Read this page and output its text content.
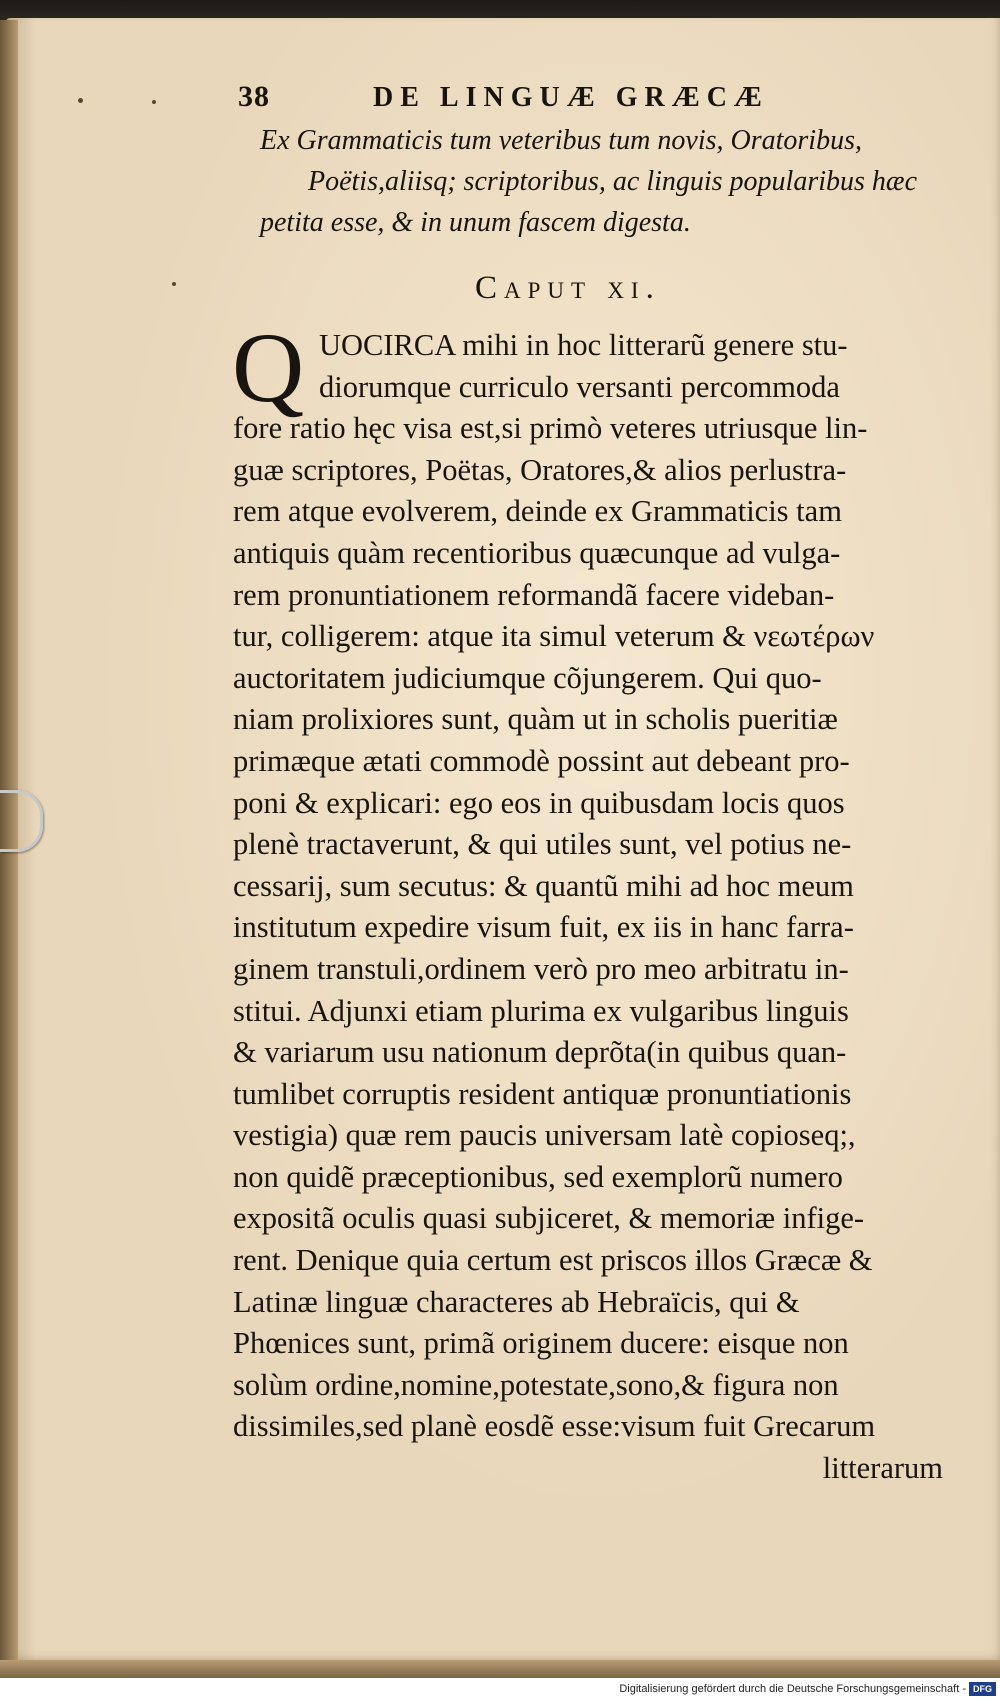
38	DE LINGUÆ GRÆCÆ
Ex Grammaticis tum veteribus tum novis, Oratoribus,
Poëtis,aliisq; scriptoribus, ac linguis popularibus hæc
petita esse, & in unum fascem digesta.
Caput xi.
Q UOCIRCA mihi in hoc litterarũ genere stu-
diorumque curriculo versanti percommoda
fore ratio hęc visa est,si primò veteres utriusque lin-
guæ scriptores, Poëtas, Oratores,& alios perlustra-
rem atque evolverem, deinde ex Grammaticis tam
antiquis quàm recentioribus quæcunque ad vulga-
rem pronuntiationem reformandã facere videban-
tur, colligerem: atque ita simul veterum & νεωτέρων
auctoritatem judiciumque cõjungerem. Qui quo-
niam prolixiores sunt, quàm ut in scholis pueritiæ
primæque ætati commodè possint aut debeant pro-
poni & explicari: ego eos in quibusdam locis quos
plenè tractaverunt, & qui utiles sunt, vel potius ne-
cessarij, sum secutus: & quantũ mihi ad hoc meum
institutum expedire visum fuit, ex iis in hanc farra-
ginem transtuli,ordinem verò pro meo arbitratu in-
stitui. Adjunxi etiam plurima ex vulgaribus linguis
& variarum usu nationum deprõta(in quibus quan-
tumlibet corruptis resident antiquæ pronuntiationis
vestigia) quæ rem paucis universam latè copioseq;,
non quidẽ præceptionibus, sed exemplorũ numero
expositã oculis quasi subjiceret, & memoriæ infige-
rent. Denique quia certum est priscos illos Græcæ &
Latinæ linguæ characteres ab Hebraïcis, qui &
Phœnices sunt, primã originem ducere: eisque non
solùm ordine,nomine,potestate,sono,& figura non
dissimiles,sed planè eosdẽ esse:visum fuit Grecarum
litterarum
Digitalisierung gefördert durch die Deutsche Forschungsgemeinschaft - DFG
